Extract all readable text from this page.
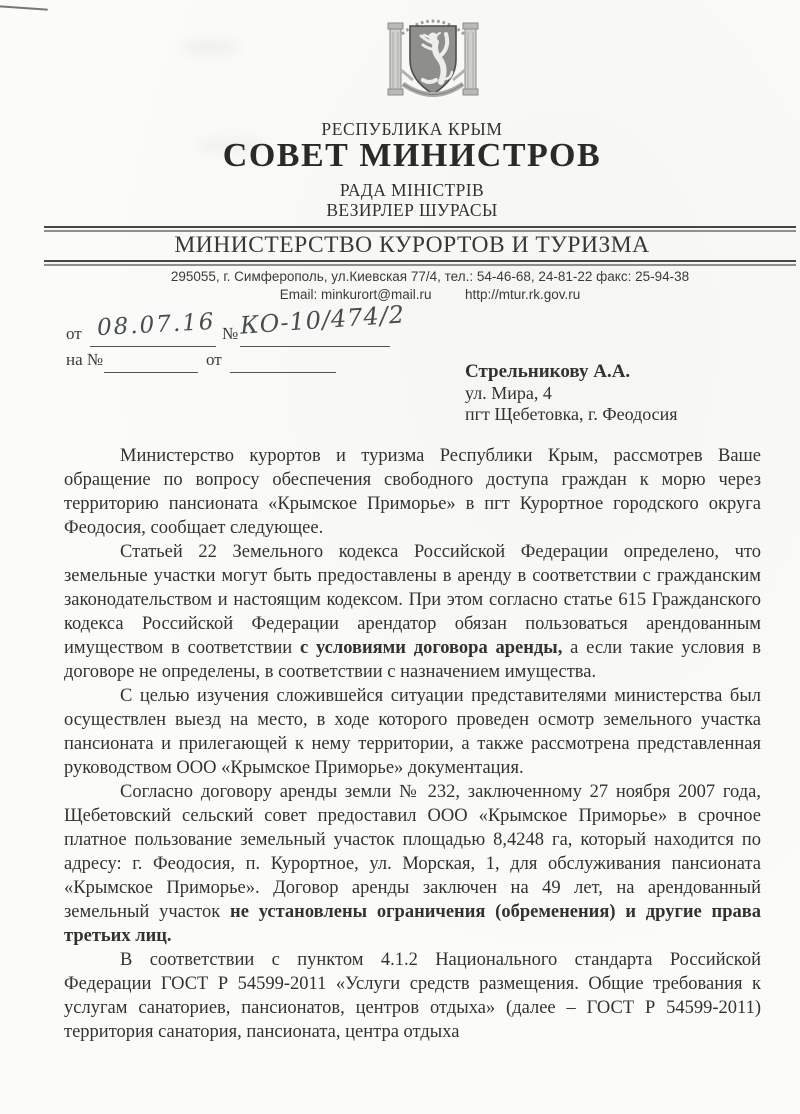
РЕСПУБЛИКА КРЫМ
СОВЕТ МИНИСТРОВ
РАДА МІНІСТРІВ
ВЕЗИРЛЕР ШУРАСЫ
МИНИСТЕРСТВО КУРОРТОВ И ТУРИЗМА
295055, г. Симферополь, ул.Киевская 77/4, тел.: 54-46-68, 24-81-22 факс: 25-94-38
Email: minkurort@mail.ru http://mtur.rk.gov.ru
от 08.07.16 № КО-10/474/2
на №	от
Стрельникову А.А.
ул. Мира, 4
пгт Щебетовка, г. Феодосия

Министерство курортов и туризма Республики Крым, рассмотрев Ваше обращение по вопросу обеспечения свободного доступа граждан к морю через территорию пансионата «Крымское Приморье» в пгт Курортное городского округа Феодосия, сообщает следующее.

Статьей 22 Земельного кодекса Российской Федерации определено, что земельные участки могут быть предоставлены в аренду в соответствии с гражданским законодательством и настоящим кодексом. При этом согласно статье 615 Гражданского кодекса Российской Федерации арендатор обязан пользоваться арендованным имуществом в соответствии с условиями договора аренды, а если такие условия в договоре не определены, в соответствии с назначением имущества.

С целью изучения сложившейся ситуации представителями министерства был осуществлен выезд на место, в ходе которого проведен осмотр земельного участка пансионата и прилегающей к нему территории, а также рассмотрена представленная руководством ООО «Крымское Приморье» документация.

Согласно договору аренды земли № 232, заключенному 27 ноября 2007 года, Щебетовский сельский совет предоставил ООО «Крымское Приморье» в срочное платное пользование земельный участок площадью 8,4248 га, который находится по адресу: г. Феодосия, п. Курортное, ул. Морская, 1, для обслуживания пансионата «Крымское Приморье». Договор аренды заключен на 49 лет, на арендованный земельный участок не установлены ограничения (обременения) и другие права третьих лиц.

В соответствии с пунктом 4.1.2 Национального стандарта Российской Федерации ГОСТ Р 54599-2011 «Услуги средств размещения. Общие требования к услугам санаториев, пансионатов, центров отдыха» (далее – ГОСТ Р 54599-2011) территория санатория, пансионата, центра отдыха
